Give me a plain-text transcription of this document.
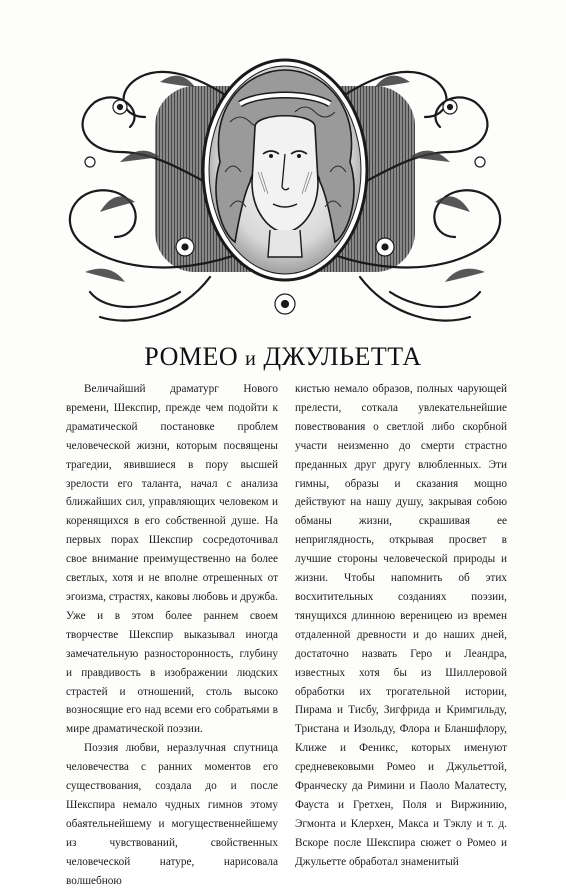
РОМЕО и ДЖУЛЬЕТТА

Величайший драматург Нового времени, Шекспир, прежде чем подойти к драматической постановке проблем человеческой жизни, которым посвящены трагедии, явившиеся в пору высшей зрелости его таланта, начал с анализа ближайших сил, управляющих человеком и коренящихся в его собственной душе. На первых порах Шекспир сосредоточивал свое внимание преимущественно на более светлых, хотя и не вполне отрешенных от эгоизма, страстях, каковы любовь и дружба. Уже и в этом более раннем своем творчестве Шекспир выказывал иногда замечательную разносторонность, глубину и правдивость в изображении людских страстей и отношений, столь высоко возносящие его над всеми его собратьями в мире драматической поэзии.

Поэзия любви, неразлучная спутница человечества с ранних моментов его существования, создала до и после Шекспира немало чудных гимнов этому обаятельнейшему и могущественнейшему из чувствований, свойственных человеческой натуре, нарисовала волшебною

кистью немало образов, полных чарующей прелести, соткала увлекательнейшие повествования о светлой либо скорбной участи неизменно до смерти страстно преданных друг другу влюбленных. Эти гимны, образы и сказания мощно действуют на нашу душу, закрывая собою обманы жизни, скрашивая ее неприглядность, открывая просвет в лучшие стороны человеческой природы и жизни. Чтобы напомнить об этих восхитительных созданиях поэзии, тянущихся длинною вереницею из времен отдаленной древности и до наших дней, достаточно назвать Геро и Леандра, известных хотя бы из Шиллеровой обработки их трогательной истории, Пирама и Тисбу, Зигфрида и Кримгильду, Тристана и Изольду, Флора и Бланшфлору, Клиже и Феникс, которых именуют средневековыми Ромео и Джульеттой, Франческу да Римини и Паоло Малатесту, Фауста и Гретхен, Поля и Виржинию, Эгмонта и Клерхен, Макса и Тэклу и т. д. Вскоре после Шекспира сюжет о Ромео и Джульетте обработал знаменитый
